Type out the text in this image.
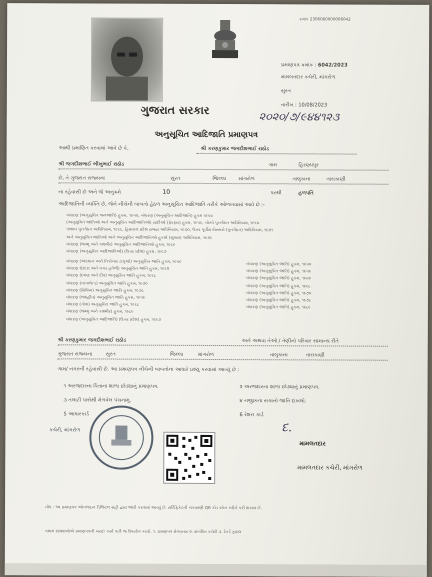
ક્રમાંક 2306060000006042
પ્રમાણપત્ર ક્રમાંક : 6042/2023
મામલતદાર કચેરી, માંગરોળ
સુરત
તારીખ : 10/08/2023
ગુજરાત સરકાર	૨૦૨૦/૭/૯૪૪૧૨૩
અનુસૂચિત આદિજાતિ પ્રમાણપત્ર
આથી પ્રમાણિત કરવામાં આવે છે કે,	શ્રી કરણકુમાર જગદીશભાઈ રાઠોડ
શ્રી જગદીશભાઈ ભીખુભાઈ રાઠોડ	ગામ	હિરણ્યપુર
છે, તે ગુજરાત રાજ્યના	સુરત	જિલ્લા	માંગરોળ	તાલુકાના	તારાકાણી
ના રહેવાસી છે અને જે અનુક્રમે	10	પરથી	હળપતિ
આદિજાતિની વ્યક્તિ છે, જેને નીચેની બાબતો હેઠળ અનુસૂચિત આદિજાતિ તરીકે ઓળખવામાં આવે છે :-
બંધારણ (અનુસૂચિત જનજાતિ) હુકમ, ૧૯૫૦, બંધારણ (અનુસૂચિત આદિજાતિ) હુકમ ૧૯૫૦
(અનુસૂચિત જાતિઓ અને અનુસૂચિત આદિજાતિઓ) યાદીઓ (ફેરફાર) હુકમ, ૧૯૫૬, બોમ્બે પુનર્ગઠન અધિનિયમ, ૧૯૬૦
પંજાબ પુનર્ગઠન અધિનિયમ, ૧૯૬૬, હિમાચલ પ્રદેશ રાજ્ય અધિનિયમ, ૧૯૭૦, ઉત્તર પૂર્વીય વિસ્તારો (પુનર્ગઠન) અધિનિયમ, ૧૯૭૧
અને અનુસૂચિત જાતિઓ અને અનુસૂચિત આદિજાતિઓ હુકમો (સુધારા) અધિનિયમ, ૧૯૭૬
બંધારણ (જમ્મુ અને કાશ્મીર) અનુસૂચિત આદિજાતિઓ હુકમ, ૧૯૮૯
બંધારણ (અનુસૂચિત આદિજાતિઓ) (ઉત્તર પ્રદેશ) હુકમ, ૧૯૬૭
બંધારણ (અંદમાન અને નિકોબાર ટાપુઓ) અનુસૂચિત જાતિ હુકમ, ૧૯૫૯
બંધારણ (દાદરા અને નગર હવેલી) અનુસૂચિત જાતિ હુકમ, ૧૯૬૨
બંધારણ (દમણ અને દીવ) અનુસૂચિત જાતિ હુકમ, ૧૯૬૮
બંધારણ (નાગાલેન્ડ) અનુસૂચિત જાતિ હુકમ, ૧૯૭૦
બંધારણ (સિક્કિમ) અનુસૂચિત જાતિ હુકમ, ૧૯૭૮
બંધારણ (લક્ષદ્વીપ) અનુસૂચિત જાતિ હુકમ, ૧૯૫૯
બંધારણ (ગોવા) અનુસૂચિત જાતિ હુકમ, ૧૯૬૮
બંધારણ (જમ્મુ અને કાશ્મીર) હુકમ, ૧૯૮૯
બંધારણ (અનુસૂચિત આદિજાતિ) (ઉત્તર પ્રદેશ) હુકમ, ૧૯૬૭
બંધારણ (અનુસૂચિત જાતિ) હુકમ, ૧૯૫૦
બંધારણ (અનુસૂચિત જાતિ) હુકમ, ૧૯૫૯
બંધારણ (અનુસૂચિત જાતિ) હુકમ, ૧૯૬૨
બંધારણ (અનુસૂચિત જાતિ) હુકમ, ૧૯૬૮
બંધારણ (અનુસૂચિત જાતિ) હુકમ, ૧૯૭૦
બંધારણ (અનુસૂચિત જાતિ) હુકમ, ૧૯૭૮
બંધારણ (અનુસૂચિત જાતિ) હુકમ, ૧૯૮૯
શ્રી કરણકુમાર જગદીશભાઈ રાઠોડ	અને અથવા તેઓ / તેણીનો પરિવાર સામાન્ય રીતે
ગુજરાત રાજ્યના	સુરત	જિલ્લા	માંગરોળ	તાલુકાના	તારાકાણી
ગામ/ નગરની રહેવાસી છે. આ પ્રમાણપત્ર નીચેની બાબતોના આધારે ઇશ્યુ કરવામાં આવ્યું છે :
૧ અરજદારના પિતાના શાળા છોડ્યાનું પ્રમાણપત્ર.	૨ અરજદારના શાળા છોડ્યાનું પ્રમાણપત્ર.
૩ તલાટી પાસેથી મેળવેલ પંચનામુ.	૪ નજીકના સગાનો જાતિ દાખલો.
5 આધારકાર્ડ	6 રેશન કાર્ડ
કચેરી, માંગરોળ	દ.
મામલતદાર
મામલતદાર કચેરી, માંગરોળ
નોંધ : આ પ્રમાણપત્ર ઓનલાઇન ડિજિટલ સહી દ્વારા જારી કરવામાં આવ્યું છે. સર્ટિફિકેટની ચકાસણી QR કોડ સ્કેન કરીને કરી શકાય છે.
તમામ સંસ્થાઓએ પ્રમાણપત્રની ખરાઈ કર્યા પછી જ ઉપયોગ કરવો. ૧. પ્રમાણપત્ર મેળવનાર ૨. સંબંધિત કચેરી ૩. રેકર્ડ ફાઇલ
